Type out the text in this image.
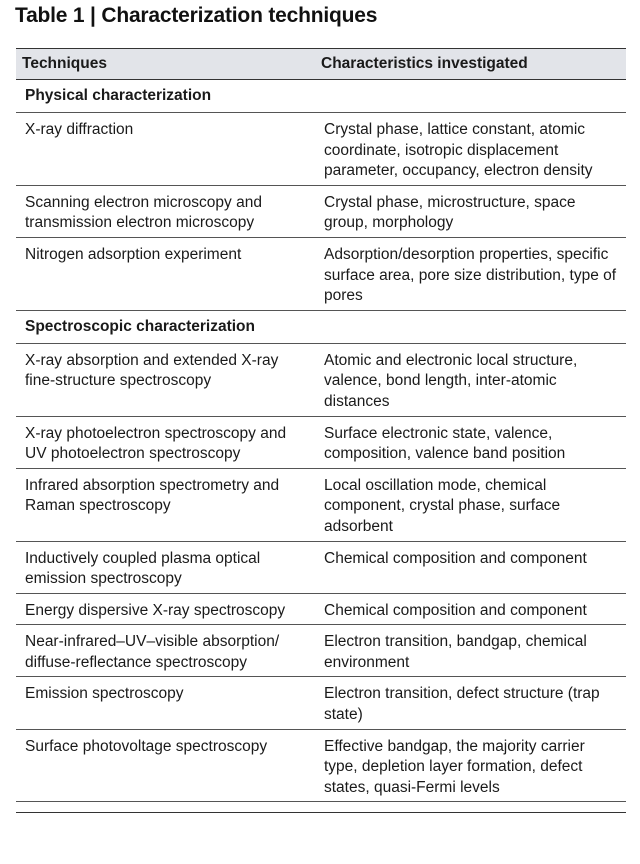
Table 1 | Characterization techniques
Techniques	Characteristics investigated
Physical characterization	
X-ray diffraction	Crystal phase, lattice constant, atomic coordinate, isotropic displacement parameter, occupancy, electron density
Scanning electron microscopy and transmission electron microscopy	Crystal phase, microstructure, space group, morphology
Nitrogen adsorption experiment	Adsorption/desorption properties, specific surface area, pore size distribution, type of pores
Spectroscopic characterization	
X-ray absorption and extended X-ray fine-structure spectroscopy	Atomic and electronic local structure, valence, bond length, inter-atomic distances
X-ray photoelectron spectroscopy and UV photoelectron spectroscopy	Surface electronic state, valence, composition, valence band position
Infrared absorption spectrometry and Raman spectroscopy	Local oscillation mode, chemical component, crystal phase, surface adsorbent
Inductively coupled plasma optical emission spectroscopy	Chemical composition and component
Energy dispersive X-ray spectroscopy	Chemical composition and component
Near-infrared–UV–visible absorption/ diffuse-reflectance spectroscopy	Electron transition, bandgap, chemical environment
Emission spectroscopy	Electron transition, defect structure (trap state)
Surface photovoltage spectroscopy	Effective bandgap, the majority carrier type, depletion layer formation, defect states, quasi-Fermi levels
